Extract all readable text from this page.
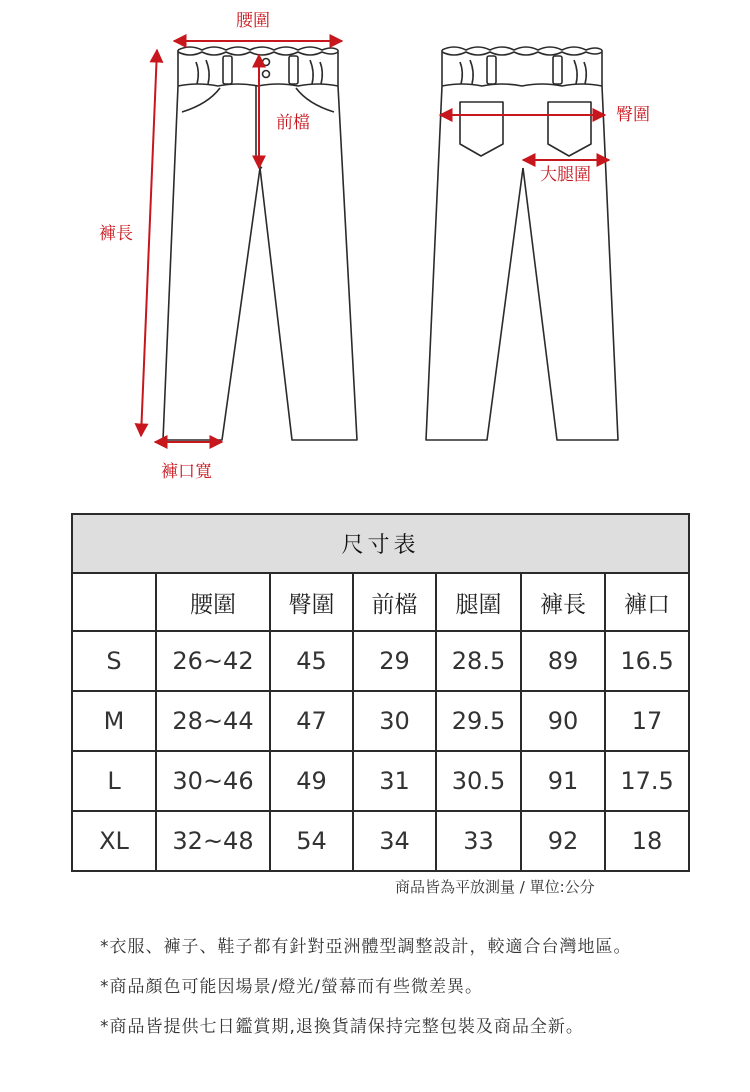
腰圍
前檔
褲長
褲口寬
臀圍
大腿圍
尺寸表						
	腰圍	臀圍	前檔	腿圍	褲長	褲口
S	26~42	45	29	28.5	89	16.5
M	28~44	47	30	29.5	90	17
L	30~46	49	31	30.5	91	17.5
XL	32~48	54	34	33	92	18
商品皆為平放測量 / 單位:公分
*衣服、褲子、鞋子都有針對亞洲體型調整設計，較適合台灣地區。
*商品顏色可能因場景/燈光/螢幕而有些微差異。
*商品皆提供七日鑑賞期,退換貨請保持完整包裝及商品全新。
